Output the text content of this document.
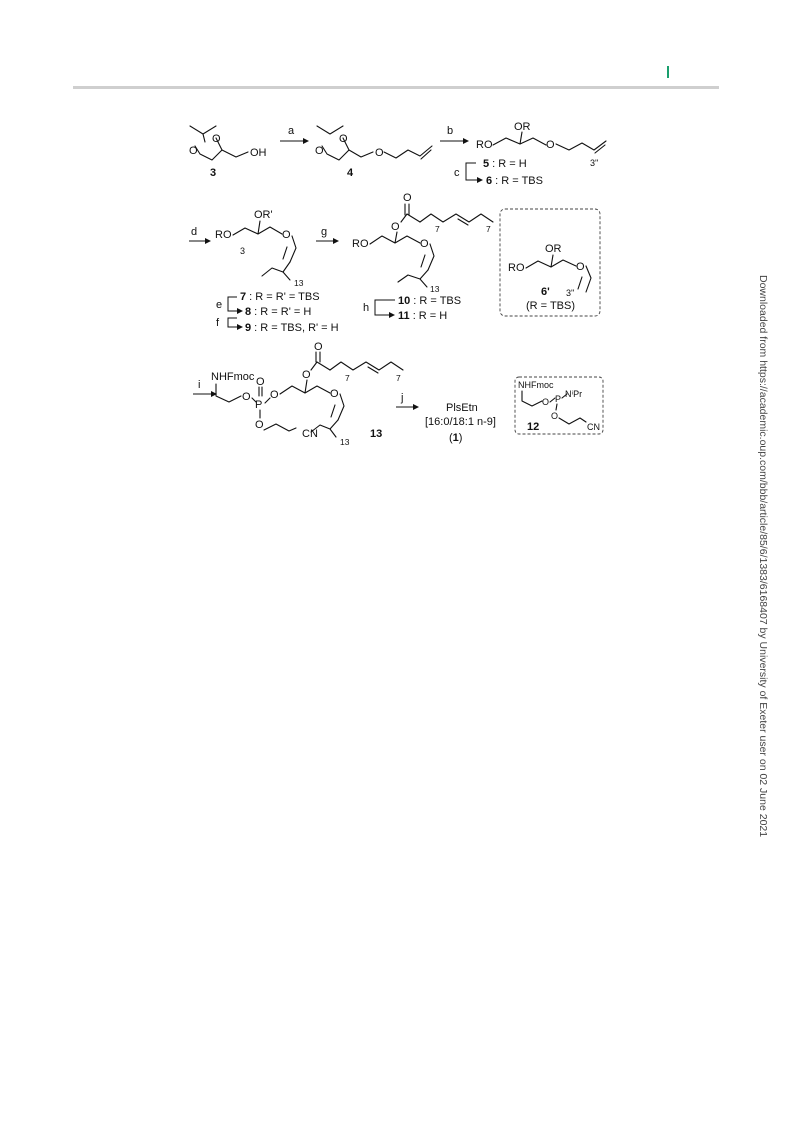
Downloaded from https://academic.oup.com/bbb/article/85/6/1383/6168407 by University of Exeter user on 02 June 2021
O
O	OH
3
a
O
O	O
4
b
RO
OR
O
3''
c
5 : R = H
6 : R = TBS
d RO
OR'
O
13
3
e
f
7 : R = R' = TBS
8 : R = R' = H
9 : R = TBS, R' = H
g
RO
O
O
7	7
O
13
h
10 : R = TBS
11 : R = H
RO
OR
O
3''
6'
(R = TBS)
i
NHFmoc
O
P
O
O
O
CN
O
O
7	7
O
13
13
j
PlsEtn
[16:0/18:1 n-9]
(1)
NHFmoc
O P NⁱPr
O
CN
12
